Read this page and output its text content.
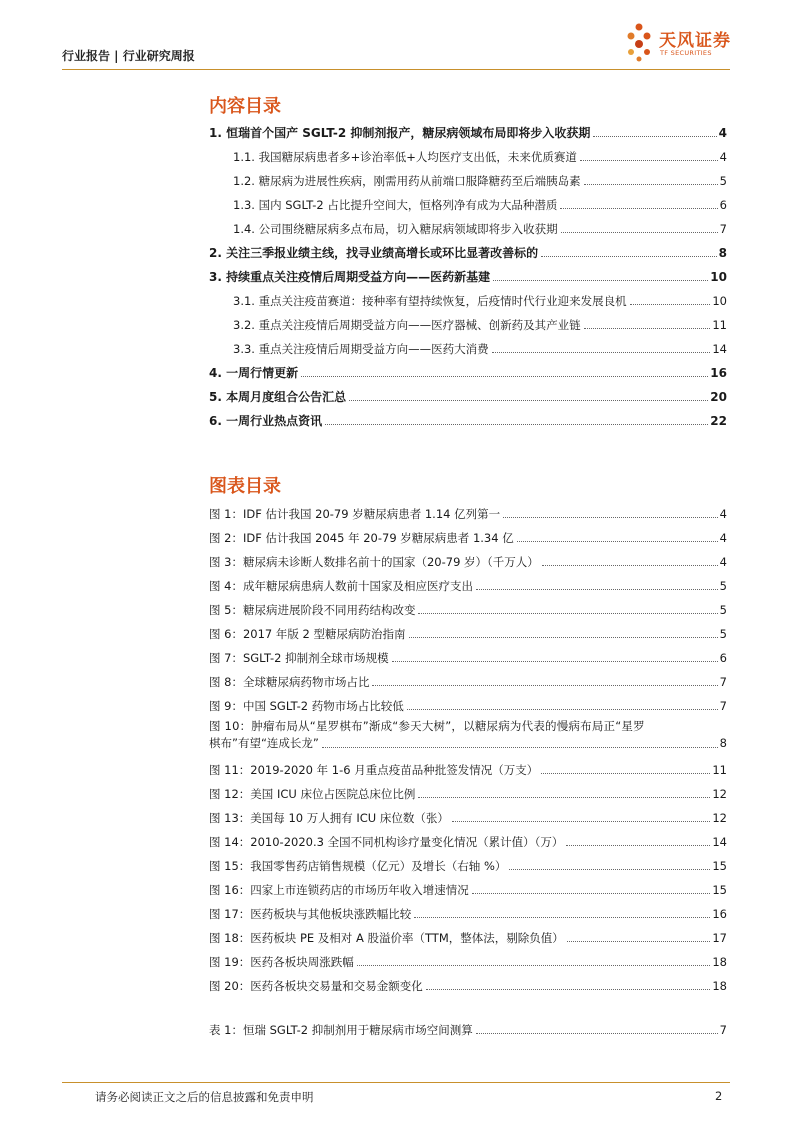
行业报告 | 行业研究周报
天风证券
TF SECURITIES
内容目录
1. 恒瑞首个国产 SGLT-2 抑制剂报产，糖尿病领域布局即将步入收获期	4
1.1. 我国糖尿病患者多+诊治率低+人均医疗支出低，未来优质赛道	4
1.2. 糖尿病为进展性疾病，刚需用药从前端口服降糖药至后端胰岛素	5
1.3. 国内 SGLT-2 占比提升空间大，恒格列净有成为大品种潜质	6
1.4. 公司围绕糖尿病多点布局，切入糖尿病领域即将步入收获期	7
2. 关注三季报业绩主线，找寻业绩高增长或环比显著改善标的	8
3. 持续重点关注疫情后周期受益方向——医药新基建	10
3.1. 重点关注疫苗赛道：接种率有望持续恢复，后疫情时代行业迎来发展良机	10
3.2. 重点关注疫情后周期受益方向——医疗器械、创新药及其产业链	11
3.3. 重点关注疫情后周期受益方向——医药大消费	14
4. 一周行情更新	16
5. 本周月度组合公告汇总	20
6. 一周行业热点资讯	22
图表目录
图 1：IDF 估计我国 20-79 岁糖尿病患者 1.14 亿列第一	4
图 2：IDF 估计我国 2045 年 20-79 岁糖尿病患者 1.34 亿	4
图 3：糖尿病未诊断人数排名前十的国家（20-79 岁）（千万人）	4
图 4：成年糖尿病患病人数前十国家及相应医疗支出	5
图 5：糖尿病进展阶段不同用药结构改变	5
图 6：2017 年版 2 型糖尿病防治指南	5
图 7：SGLT-2 抑制剂全球市场规模	6
图 8：全球糖尿病药物市场占比	7
图 9：中国 SGLT-2 药物市场占比较低	7
图 10：肿瘤布局从“星罗棋布”渐成“参天大树”，以糖尿病为代表的慢病布局正“星罗
棋布”有望“连成长龙”	8
图 11：2019-2020 年 1-6 月重点疫苗品种批签发情况（万支）	11
图 12：美国 ICU 床位占医院总床位比例	12
图 13：美国每 10 万人拥有 ICU 床位数（张）	12
图 14：2010-2020.3 全国不同机构诊疗量变化情况（累计值）（万）	14
图 15：我国零售药店销售规模（亿元）及增长（右轴 %）	15
图 16：四家上市连锁药店的市场历年收入增速情况	15
图 17：医药板块与其他板块涨跌幅比较	16
图 18：医药板块 PE 及相对 A 股溢价率（TTM，整体法，剔除负值）	17
图 19：医药各板块周涨跌幅	18
图 20：医药各板块交易量和交易金额变化	18
表 1：恒瑞 SGLT-2 抑制剂用于糖尿病市场空间测算	7
请务必阅读正文之后的信息披露和免责申明	2
